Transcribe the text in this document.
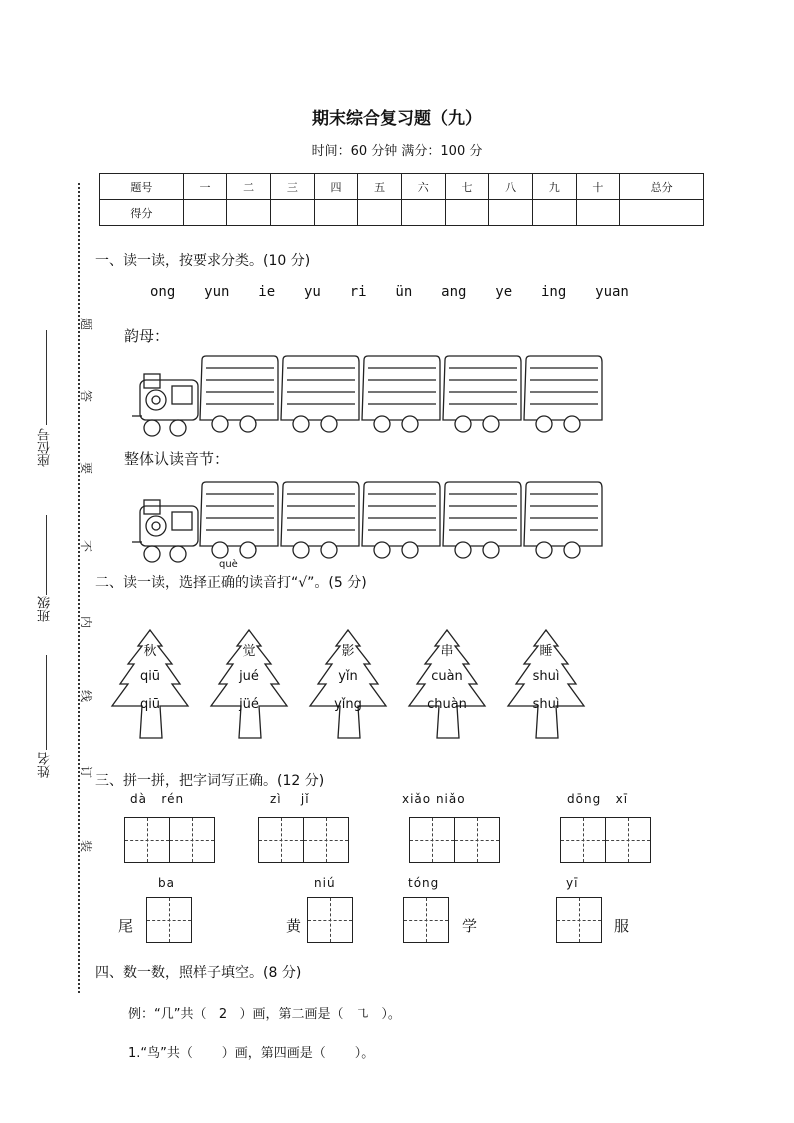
期末综合复习题（九）
时间：60 分钟 满分：100 分
题号	一	二	三	四	五	六	七	八	九	十	总分
得分											
题
答
要
不
内
线
订
装
座位号
班级
姓名
一、读一读，按要求分类。(10 分)
ong  yun  ie  yu  ri  ün  ang  ye  ing  yuan
韵母：
整体认读音节：
二、读一读，选择正
què
确的读音打“√”。(5 分)
秋
qiū
qiū
觉
jué
jüé
影
yǐn
yǐng
串
cuàn
chuàn
睡
shuì
shuì
三、拼一拼，把字词写正确。(12 分)
dà   rén	zì    jǐ	xiǎo niǎo	dōng   xī
ba
尾
niú
黄
tóng
学
yī
服
四、数一数，照样子填空。(8 分)
例：“几”共（   2   ）画，第二画是（   ㇈   ）。
1.“鸟”共（       ）画，第四画是（       ）。
